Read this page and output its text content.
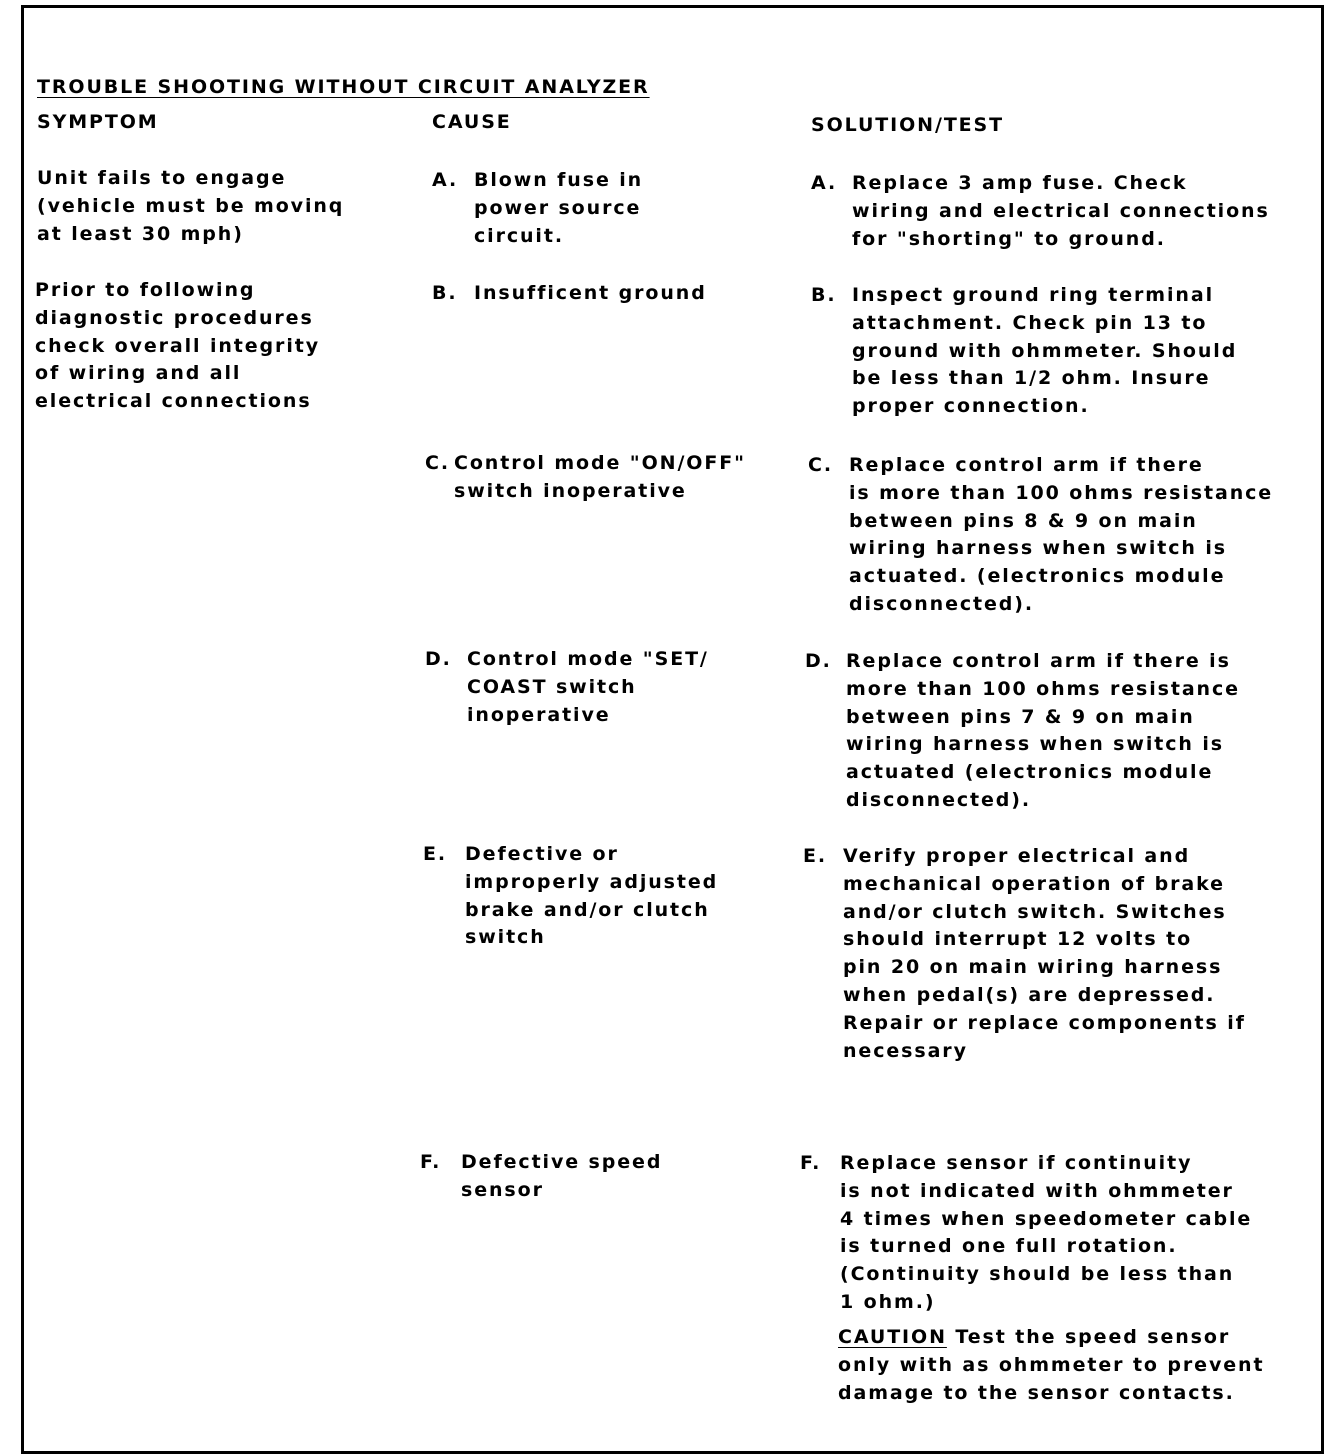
TROUBLE SHOOTING WITHOUT CIRCUIT ANALYZER
SYMPTOM	CAUSE	SOLUTION/TEST
Unit fails to engage
(vehicle must be movinq
at least 30 mph)
Prior to following
diagnostic procedures
check overall integrity
of wiring and all
electrical connections
A. Blown fuse in
power source
circuit.
B. Insufficent ground
C. Control mode "ON/OFF"
switch inoperative
D. Control mode "SET/
COAST switch
inoperative
E. Defective or
improperly adjusted
brake and/or clutch
switch
F. Defective speed
sensor
A. Replace 3 amp fuse. Check
wiring and electrical connections
for "shorting" to ground.
B. Inspect ground ring terminal
attachment. Check pin 13 to
ground with ohmmeter. Should
be less than 1/2 ohm. Insure
proper connection.
C. Replace control arm if there
is more than 100 ohms resistance
between pins 8 & 9 on main
wiring harness when switch is
actuated. (electronics module
disconnected).
D. Replace control arm if there is
more than 100 ohms resistance
between pins 7 & 9 on main
wiring harness when switch is
actuated (electronics module
disconnected).
E. Verify proper electrical and
mechanical operation of brake
and/or clutch switch. Switches
should interrupt 12 volts to
pin 20 on main wiring harness
when pedal(s) are depressed.
Repair or replace components if
necessary
F. Replace sensor if continuity
is not indicated with ohmmeter
4 times when speedometer cable
is turned one full rotation.
(Continuity should be less than
1 ohm.)
CAUTION Test the speed sensor
only with as ohmmeter to prevent
damage to the sensor contacts.
